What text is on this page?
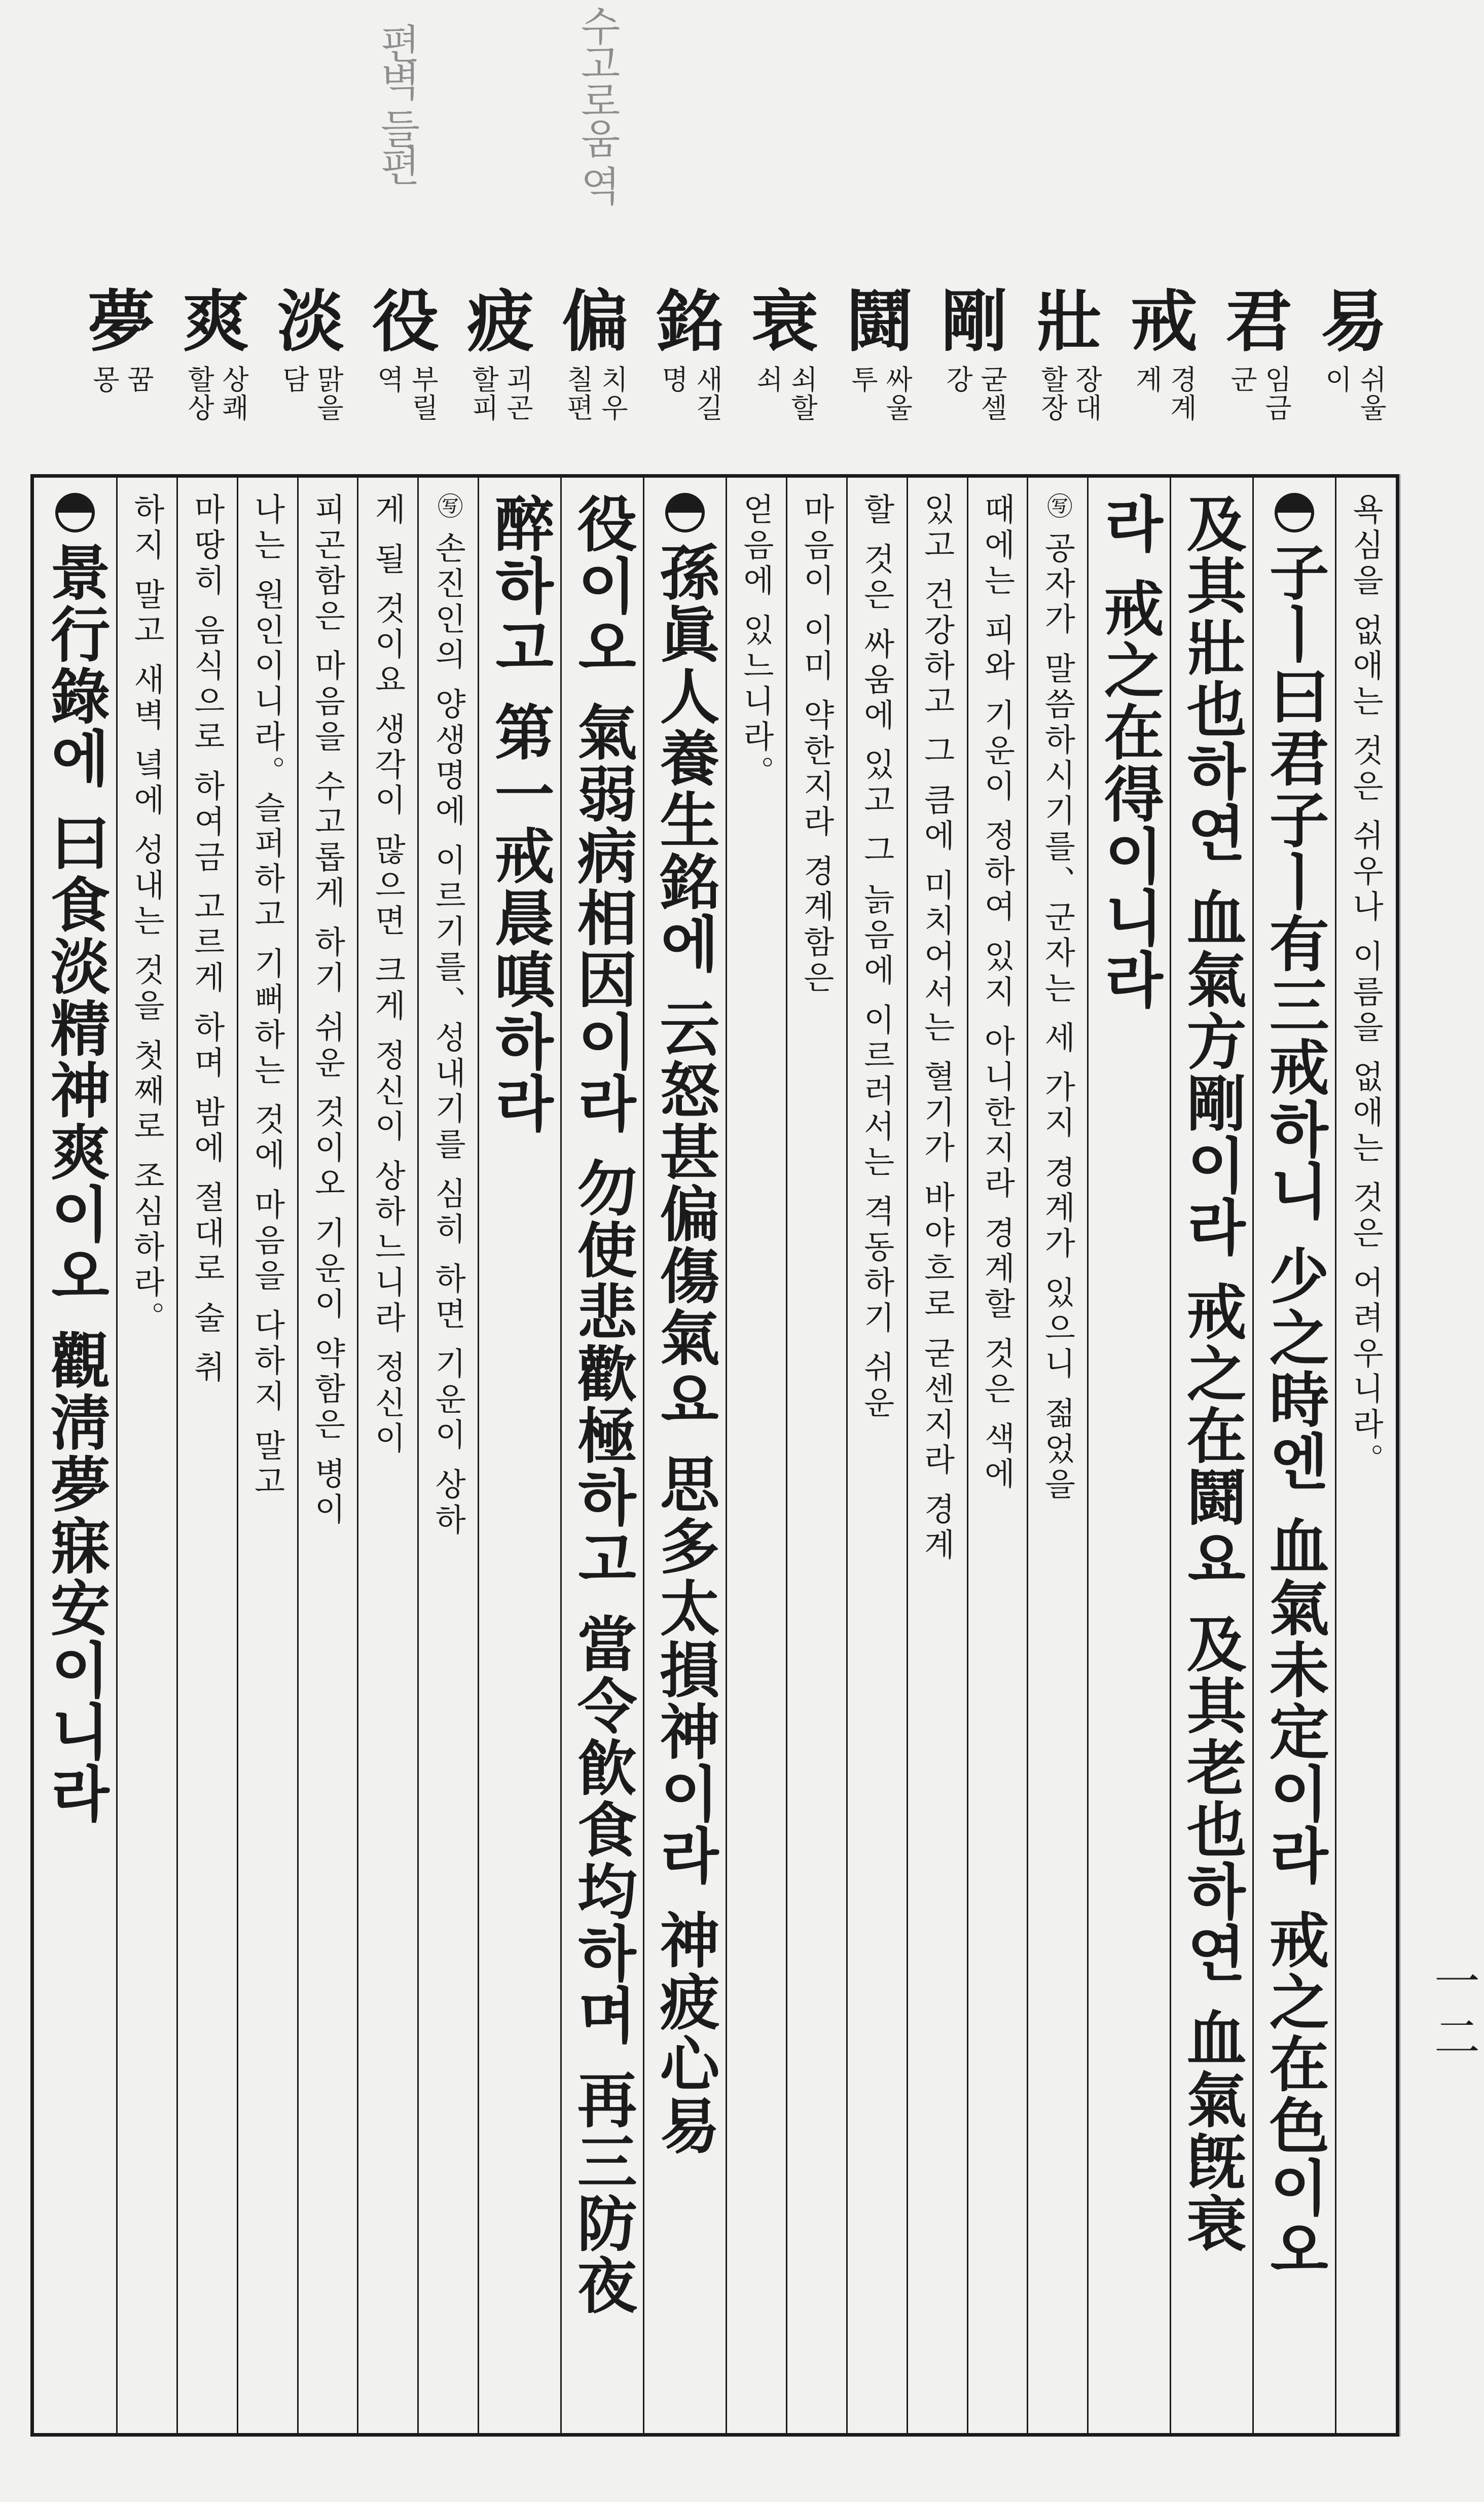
수고로움 역
편벽 들편
易
쉬울
이
君
임금
군
戒
경계
계
壯
장대
할장
剛
굳셀
강
鬪
싸울
투
衰
쇠할
쇠
銘
새길
명
偏
치우
칠편
疲
괴곤
할피
役
부릴
역
淡
맑을
담
爽
상쾌
할상
夢
꿈
몽
욕심을 없애는 것은 쉬우나 이름을 없애는 것은 어려우니라。
子ㅣ曰君子ㅣ有三戒하니 少之時엔 血氣未定이라 戒之在色이오
及其壯也하연 血氣方剛이라 戒之在鬪요 及其老也하연 血氣旣衰
라 戒之在得이니라
㊢
공자가 말씀하시기를、군자는 세 가지 경계가 있으니 젊었을
때에는 피와 기운이 정하여 있지 아니한지라 경계할 것은 색에
있고 건강하고 그 큼에 미치어서는 혈기가 바야흐로 굳센지라 경계
할 것은 싸움에 있고 그 늙음에 이르러서는 격동하기 쉬운
마음이 이미 약한지라 경계함은
얻음에 있느니라。
孫眞人養生銘에 云怒甚偏傷氣요 思多太損神이라 神疲心易
役이오 氣弱病相因이라 勿使悲歡極하고 當令飮食均하며 再三防夜
醉하고 第一戒晨嗔하라
㊢
손진인의 양생명에 이르기를、성내기를 심히 하면 기운이 상하
게 될 것이요 생각이 많으면 크게 정신이 상하느니라 정신이
피곤함은 마음을 수고롭게 하기 쉬운 것이오 기운이 약함은 병이
나는 원인이니라。슬퍼하고 기뻐하는 것에 마음을 다하지 말고
마땅히 음식으로 하여금 고르게 하며 밤에 절대로 술 취
하지 말고 새벽 녘에 성내는 것을 첫째로 조심하라。
景行錄에 曰食淡精神爽이오 觀淸夢寐安이니라
一二
